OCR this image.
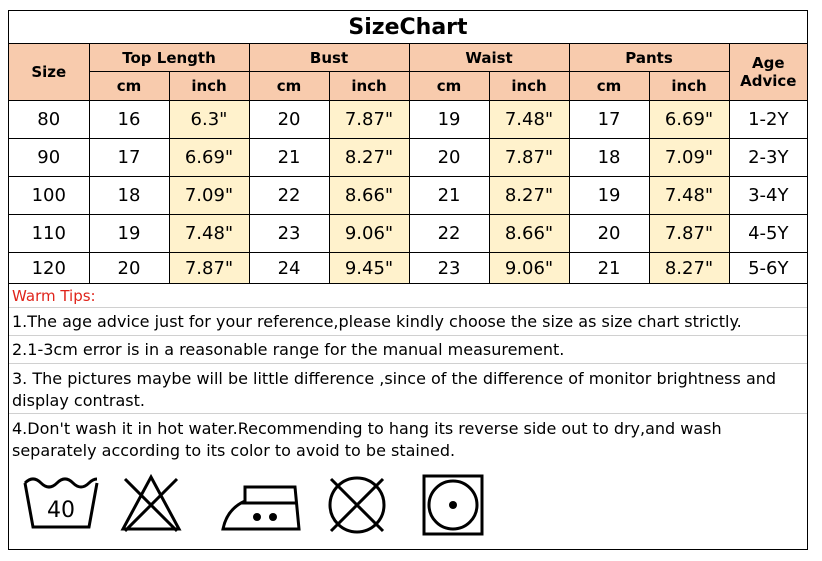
SizeChart
Size	Top Length		Bust		Waist		Pants		Age
Advice

	cm	inch	cm	inch	cm	inch	cm	inch	
80	16	6.3"	20	7.87"	19	7.48"	17	6.69"	1-2Y
90	17	6.69"	21	8.27"	20	7.87"	18	7.09"	2-3Y
100	18	7.09"	22	8.66"	21	8.27"	19	7.48"	3-4Y
110	19	7.48"	23	9.06"	22	8.66"	20	7.87"	4-5Y
120	20	7.87"	24	9.45"	23	9.06"	21	8.27"	5-6Y
Warm Tips:
1.The age advice just for your reference,please kindly choose the size as size chart strictly.
2.1-3cm error is in a reasonable range for the manual measurement.
3. The pictures maybe will be little difference ,since of the difference of monitor brightness and display contrast.
4.Don't wash it in hot water.Recommending to hang its reverse side out to dry,and wash separately according to its color to avoid to be stained.
40
